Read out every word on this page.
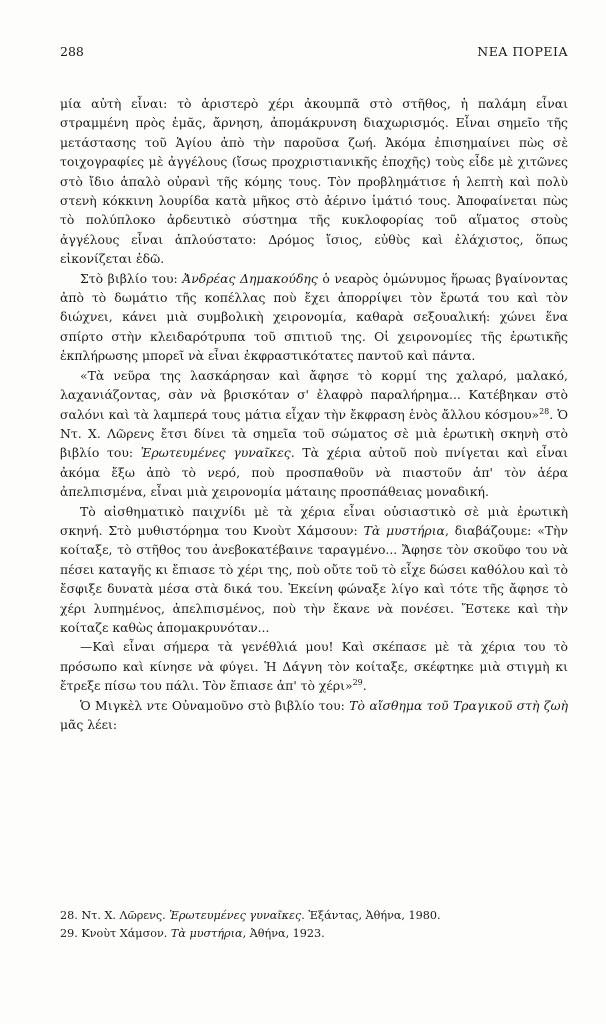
288	ΝΕΑ ΠΟΡΕΙΑ

μία αὐτὴ εἶναι: τὸ ἀριστερὸ χέρι ἀκουμπᾶ στὸ στῆθος, ἡ παλάμη εἶναι στραμμένη πρὸς ἐμᾶς, ἄρνηση, ἀπομάκρυνση διαχωρισμός. Εἶναι σημεῖο τῆς μετάστασης τοῦ Ἁγίου ἀπὸ τὴν παροῦσα ζωή. Ἀκόμα ἐπισημαίνει πὼς σὲ τοιχογραφίες μὲ ἀγγέλους (ἴσως προχριστιανικῆς ἐποχῆς) τοὺς εἶδε μὲ χιτῶνες στὸ ἴδιο ἁπαλὸ οὐρανὶ τῆς κόμης τους. Τὸν προβλημάτισε ἡ λεπτὴ καὶ πολὺ στενὴ κόκκινη λουρίδα κατὰ μῆκος στὸ ἀέρινο ἱμάτιό τους. Ἀποφαίνεται πὼς τὸ πολύπλοκο ἀρδευτικὸ σύστημα τῆς κυκλοφορίας τοῦ αἵματος στοὺς ἀγγέλους εἶναι ἁπλούστατο: Δρόμος ἴσιος, εὐθὺς καὶ ἐλάχιστος, ὅπως εἰκονίζεται ἐδῶ.

Στὸ βιβλίο του: Ἀνδρέας Δημακούδης ὁ νεαρὸς ὁμώνυμος ἥρωας βγαίνοντας ἀπὸ τὸ δωμάτιο τῆς κοπέλλας ποὺ ἔχει ἀπορρίψει τὸν ἔρωτά του καὶ τὸν διώχνει, κάνει μιὰ συμβολικὴ χειρονομία, καθαρὰ σεξουαλική: χώνει ἕνα σπίρτο στὴν κλειδαρότρυπα τοῦ σπιτιοῦ της. Οἱ χειρονομίες τῆς ἐρωτικῆς ἐκπλήρωσης μπορεῖ νὰ εἶναι ἐκφραστικότατες παντοῦ καὶ πάντα.

«Τὰ νεῦρα της λασκάρησαν καὶ ἄφησε τὸ κορμί της χαλαρό, μαλακό, λαχανιάζοντας, σὰν νὰ βρισκόταν σ' ἐλαφρὸ παραλήρημα... Κατέβηκαν στὸ σαλόνι καὶ τὰ λαμπερά τους μάτια εἶχαν τὴν ἔκφραση ἑνὸς ἄλλου κόσμου»$^{28}$. Ὁ Ντ. Χ. Λῶρενς ἔτσι δίνει τὰ σημεῖα τοῦ σώματος σὲ μιὰ ἐρωτικὴ σκηνὴ στὸ βιβλίο του: Ἐρωτευμένες γυναῖκες. Τὰ χέρια αὐτοῦ ποὺ πνίγεται καὶ εἶναι ἀκόμα ἔξω ἀπὸ τὸ νερό, ποὺ προσπαθοῦν νὰ πιαστοῦν ἀπ' τὸν ἀέρα ἀπελπισμένα, εἶναι μιὰ χειρονομία μάταιης προσπάθειας μοναδική.

Τὸ αἰσθηματικὸ παιχνίδι μὲ τὰ χέρια εἶναι οὐσιαστικὸ σὲ μιὰ ἐρωτικὴ σκηνή. Στὸ μυθιστόρημα του Κνοὺτ Χάμσουν: Τὰ μυστήρια, διαβάζουμε: «Τὴν κοίταξε, τὸ στῆθος του ἀνεβοκατέβαινε ταραγμένο... Ἄφησε τὸν σκοῦφο του νὰ πέσει καταγῆς κι ἔπιασε τὸ χέρι της, ποὺ οὔτε τοῦ τὸ εἶχε δώσει καθόλου καὶ τὸ ἔσφιξε δυνατὰ μέσα στὰ δικά του. Ἐκείνη φώναξε λίγο καὶ τότε τῆς ἄφησε τὸ χέρι λυπημένος, ἀπελπισμένος, ποὺ τὴν ἔκανε νὰ πονέσει. Ἔστεκε καὶ τὴν κοίταζε καθὼς ἀπομακρυνόταν...

—Καὶ εἶναι σήμερα τὰ γενέθλιά μου! Καὶ σκέπασε μὲ τὰ χέρια του τὸ πρόσωπο καὶ κίνησε νὰ φύγει. Ἡ Δάγνη τὸν κοίταξε, σκέφτηκε μιὰ στιγμὴ κι ἔτρεξε πίσω του πάλι. Τὸν ἔπιασε ἀπ' τὸ χέρι»$^{29}$.

Ὁ Μιγκὲλ ντε Οὐναμοῦνο στὸ βιβλίο του: Τὸ αἴσθημα τοῦ Τραγικοῦ στὴ ζωὴ μᾶς λέει:

28. Ντ. Χ. Λῶρενς. Ἐρωτευμένες γυναῖκες. Ἐξάντας, Ἀθήνα, 1980.
29. Κνοὺτ Χάμσον. Τὰ μυστήρια, Ἀθήνα, 1923.
